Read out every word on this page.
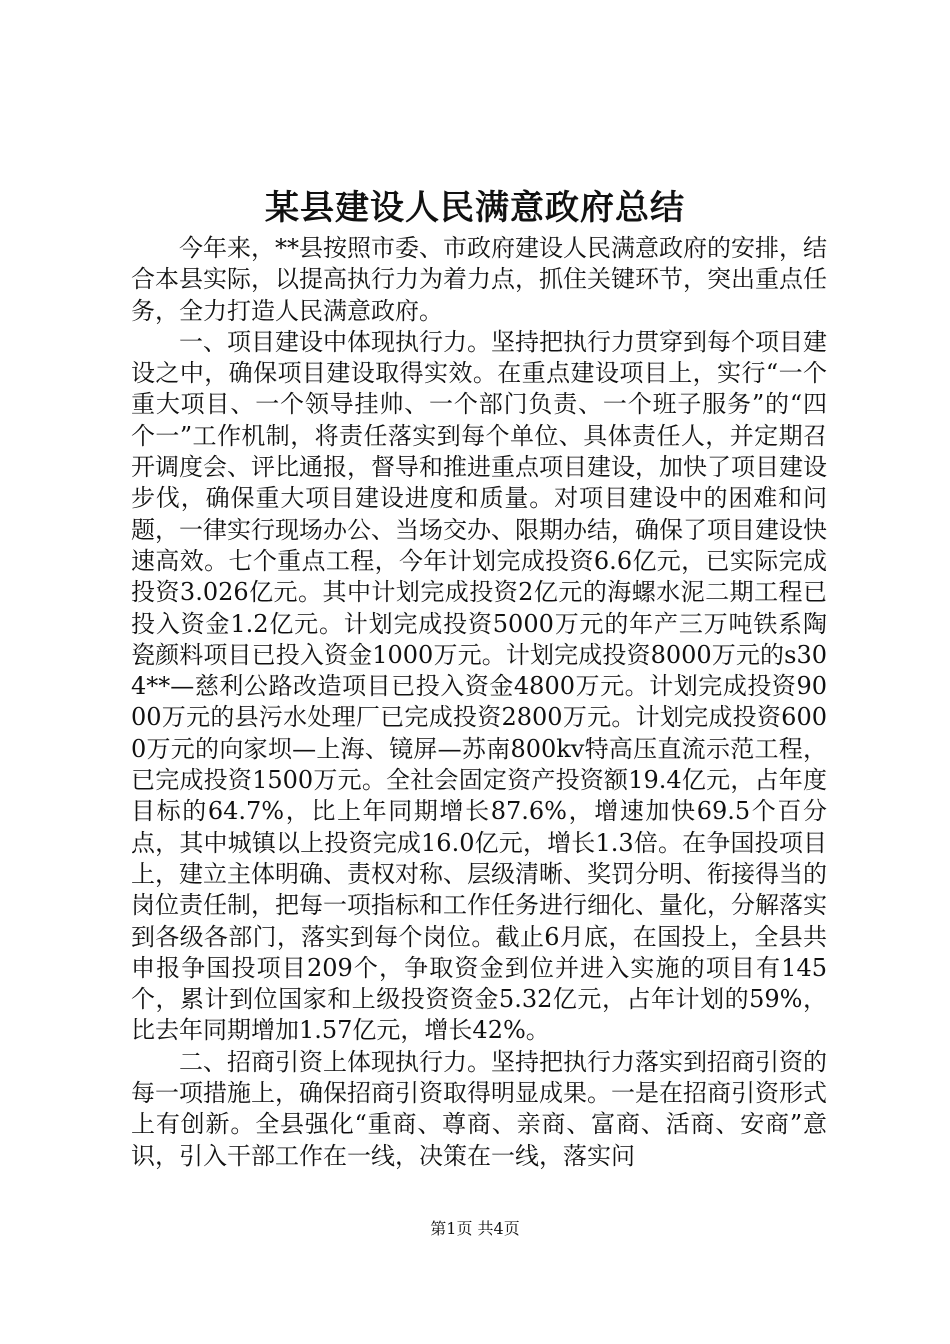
某县建设人民满意政府总结

今年来，**县按照市委、市政府建设人民满意政府的安排，结合本县实际，以提高执行力为着力点，抓住关键环节，突出重点任务，全力打造人民满意政府。

一、项目建设中体现执行力。坚持把执行力贯穿到每个项目建设之中，确保项目建设取得实效。在重点建设项目上，实行“一个重大项目、一个领导挂帅、一个部门负责、一个班子服务”的“四个一”工作机制，将责任落实到每个单位、具体责任人，并定期召开调度会、评比通报，督导和推进重点项目建设，加快了项目建设步伐，确保重大项目建设进度和质量。对项目建设中的困难和问题，一律实行现场办公、当场交办、限期办结，确保了项目建设快速高效。七个重点工程，今年计划完成投资6.6亿元，已实际完成投资3.026亿元。其中计划完成投资2亿元的海螺水泥二期工程已投入资金1.2亿元。计划完成投资5000万元的年产三万吨铁系陶瓷颜料项目已投入资金1000万元。计划完成投资8000万元的s304**—慈利公路改造项目已投入资金4800万元。计划完成投资9000万元的县污水处理厂已完成投资2800万元。计划完成投资6000万元的向家坝—上海、镜屏—苏南800kv特高压直流示范工程，已完成投资1500万元。全社会固定资产投资额19.4亿元，占年度目标的64.7%，比上年同期增长87.6%，增速加快69.5个百分点，其中城镇以上投资完成16.0亿元，增长1.3倍。在争国投项目上，建立主体明确、责权对称、层级清晰、奖罚分明、衔接得当的岗位责任制，把每一项指标和工作任务进行细化、量化，分解落实到各级各部门，落实到每个岗位。截止6月底，在国投上，全县共申报争国投项目209个，争取资金到位并进入实施的项目有145个，累计到位国家和上级投资资金5.32亿元，占年计划的59%，比去年同期增加1.57亿元，增长42%。

二、招商引资上体现执行力。坚持把执行力落实到招商引资的每一项措施上，确保招商引资取得明显成果。一是在招商引资形式上有创新。全县强化“重商、尊商、亲商、富商、活商、安商”意识，引入干部工作在一线，决策在一线，落实问

第1页 共4页
